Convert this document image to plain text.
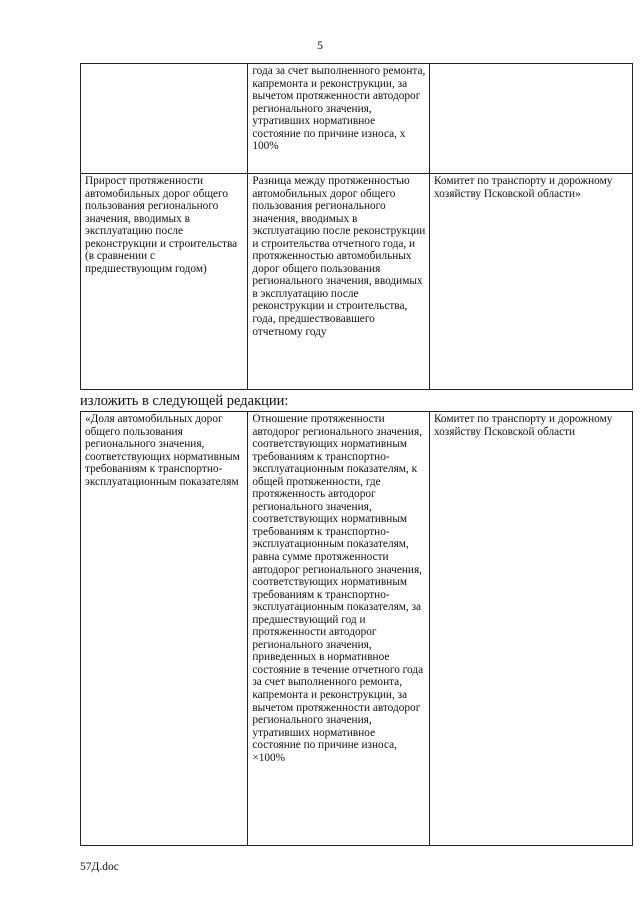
5
	года за счет выполненного ремонта, капремонта и реконструкции, за вычетом протяженности автодорог регионального значения, утративших нормативное состояние по причине износа, х 100%	
Прирост протяженности автомобильных дорог общего пользования регионального значения, вводимых в эксплуатацию после реконструкции и строительства (в сравнении с предшествующим годом)	Разница между протяженностью автомобильных дорог общего пользования регионального значения, вводимых в эксплуатацию после реконструкции и строительства отчетного года, и протяженностью автомобильных дорог общего пользования регионального значения, вводимых в эксплуатацию после реконструкции и строительства, года, предшествовавшего отчетному году	Комитет по транспорту и дорожному хозяйству Псковской области»
изложить в следующей редакции:
«Доля автомобильных дорог общего пользования регионального значения, соответствующих нормативным требованиям к транспортно-эксплуатационным показателям	Отношение протяженности автодорог регионального значения, соответствующих нормативным требованиям к транспортно-эксплуатационным показателям, к общей протяженности, где протяженность автодорог регионального значения, соответствующих нормативным требованиям к транспортно-эксплуатационным показателям, равна сумме протяженности автодорог регионального значения, соответствующих нормативным требованиям к транспортно-эксплуатационным показателям, за предшествующий год и протяженности автодорог регионального значения, приведенных в нормативное состояние в течение отчетного года за счет выполненного ремонта, капремонта и реконструкции, за вычетом протяженности автодорог регионального значения, утративших нормативное состояние по причине износа, ×100%	Комитет по транспорту и дорожному хозяйству Псковской области
57Д.doc
